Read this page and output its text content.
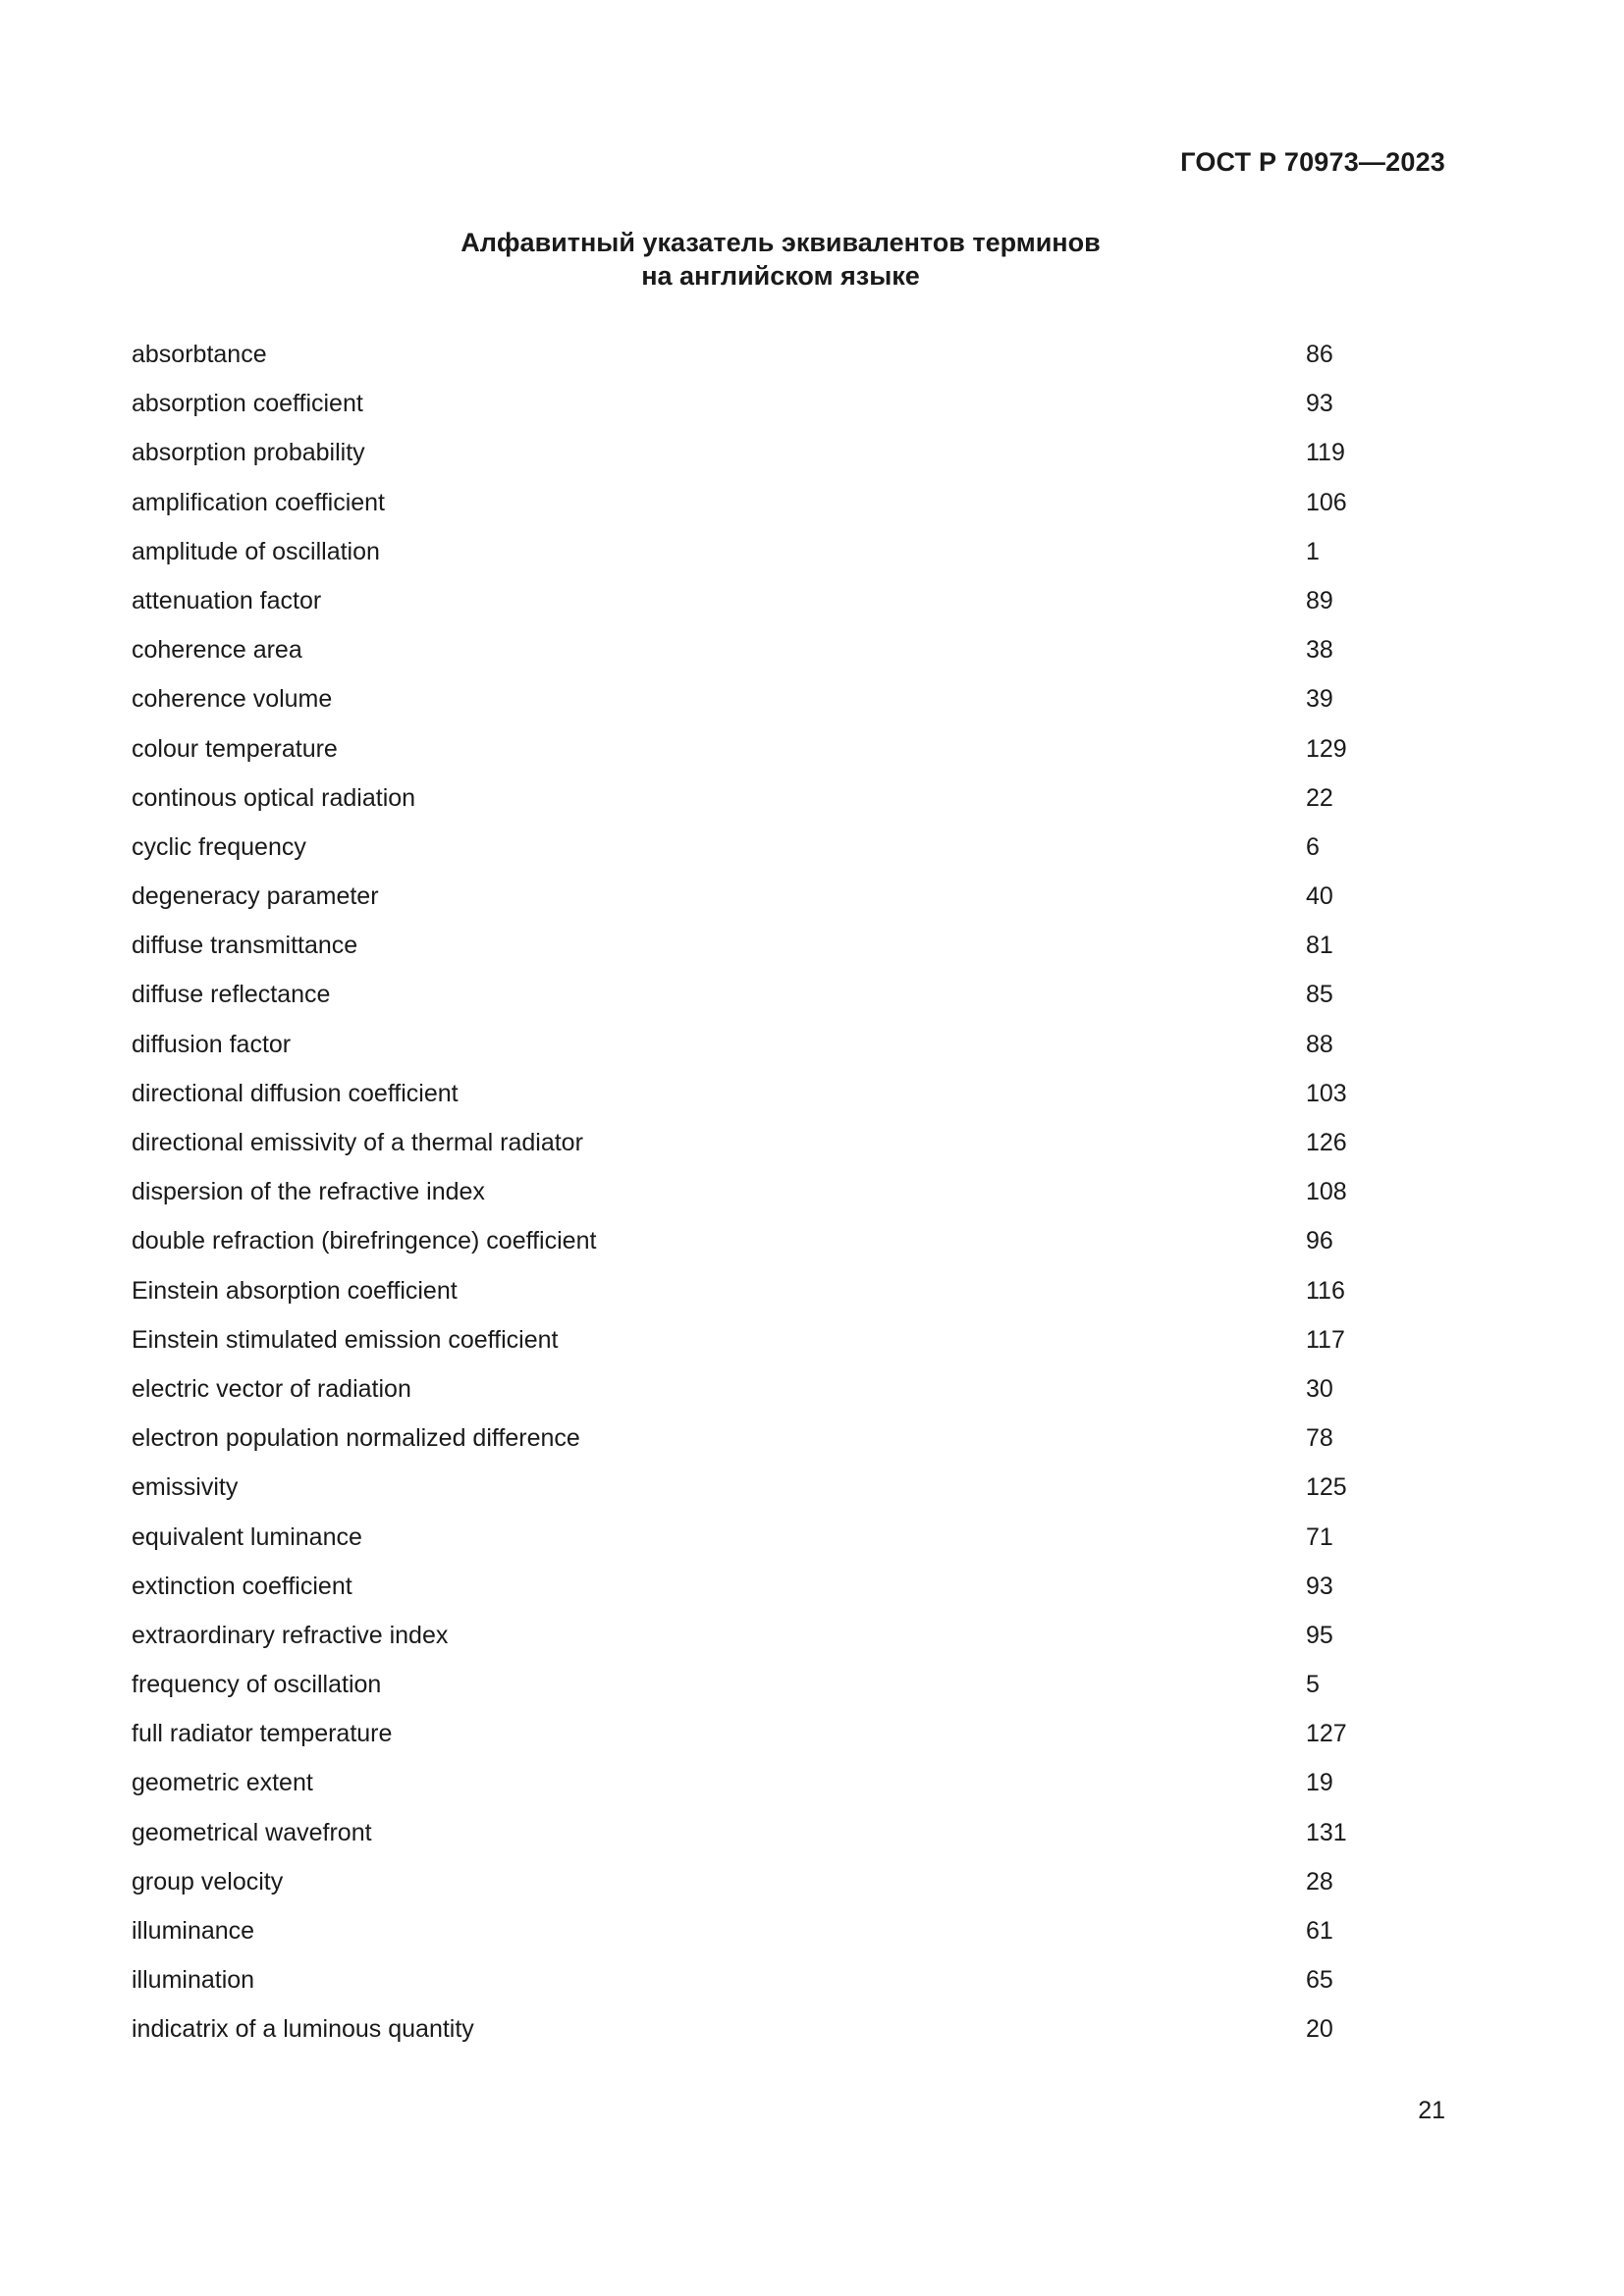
ГОСТ Р 70973—2023
Алфавитный указатель эквивалентов терминов
на английском языке
absorbtance	86
absorption coefficient	93
absorption probability	119
amplification coefficient	106
amplitude of oscillation	1
attenuation factor	89
coherence area	38
coherence volume	39
colour temperature	129
continous optical radiation	22
cyclic frequency	6
degeneracy parameter	40
diffuse transmittance	81
diffuse reflectance	85
diffusion factor	88
directional diffusion coefficient	103
directional emissivity of a thermal radiator	126
dispersion of the refractive index	108
double refraction (birefringence) coefficient	96
Einstein absorption coefficient	116
Einstein stimulated emission coefficient	117
electric vector of radiation	30
electron population normalized difference	78
emissivity	125
equivalent luminance	71
extinction coefficient	93
extraordinary refractive index	95
frequency of oscillation	5
full radiator temperature	127
geometric extent	19
geometrical wavefront	131
group velocity	28
illuminance	61
illumination	65
indicatrix of a luminous quantity	20
21
